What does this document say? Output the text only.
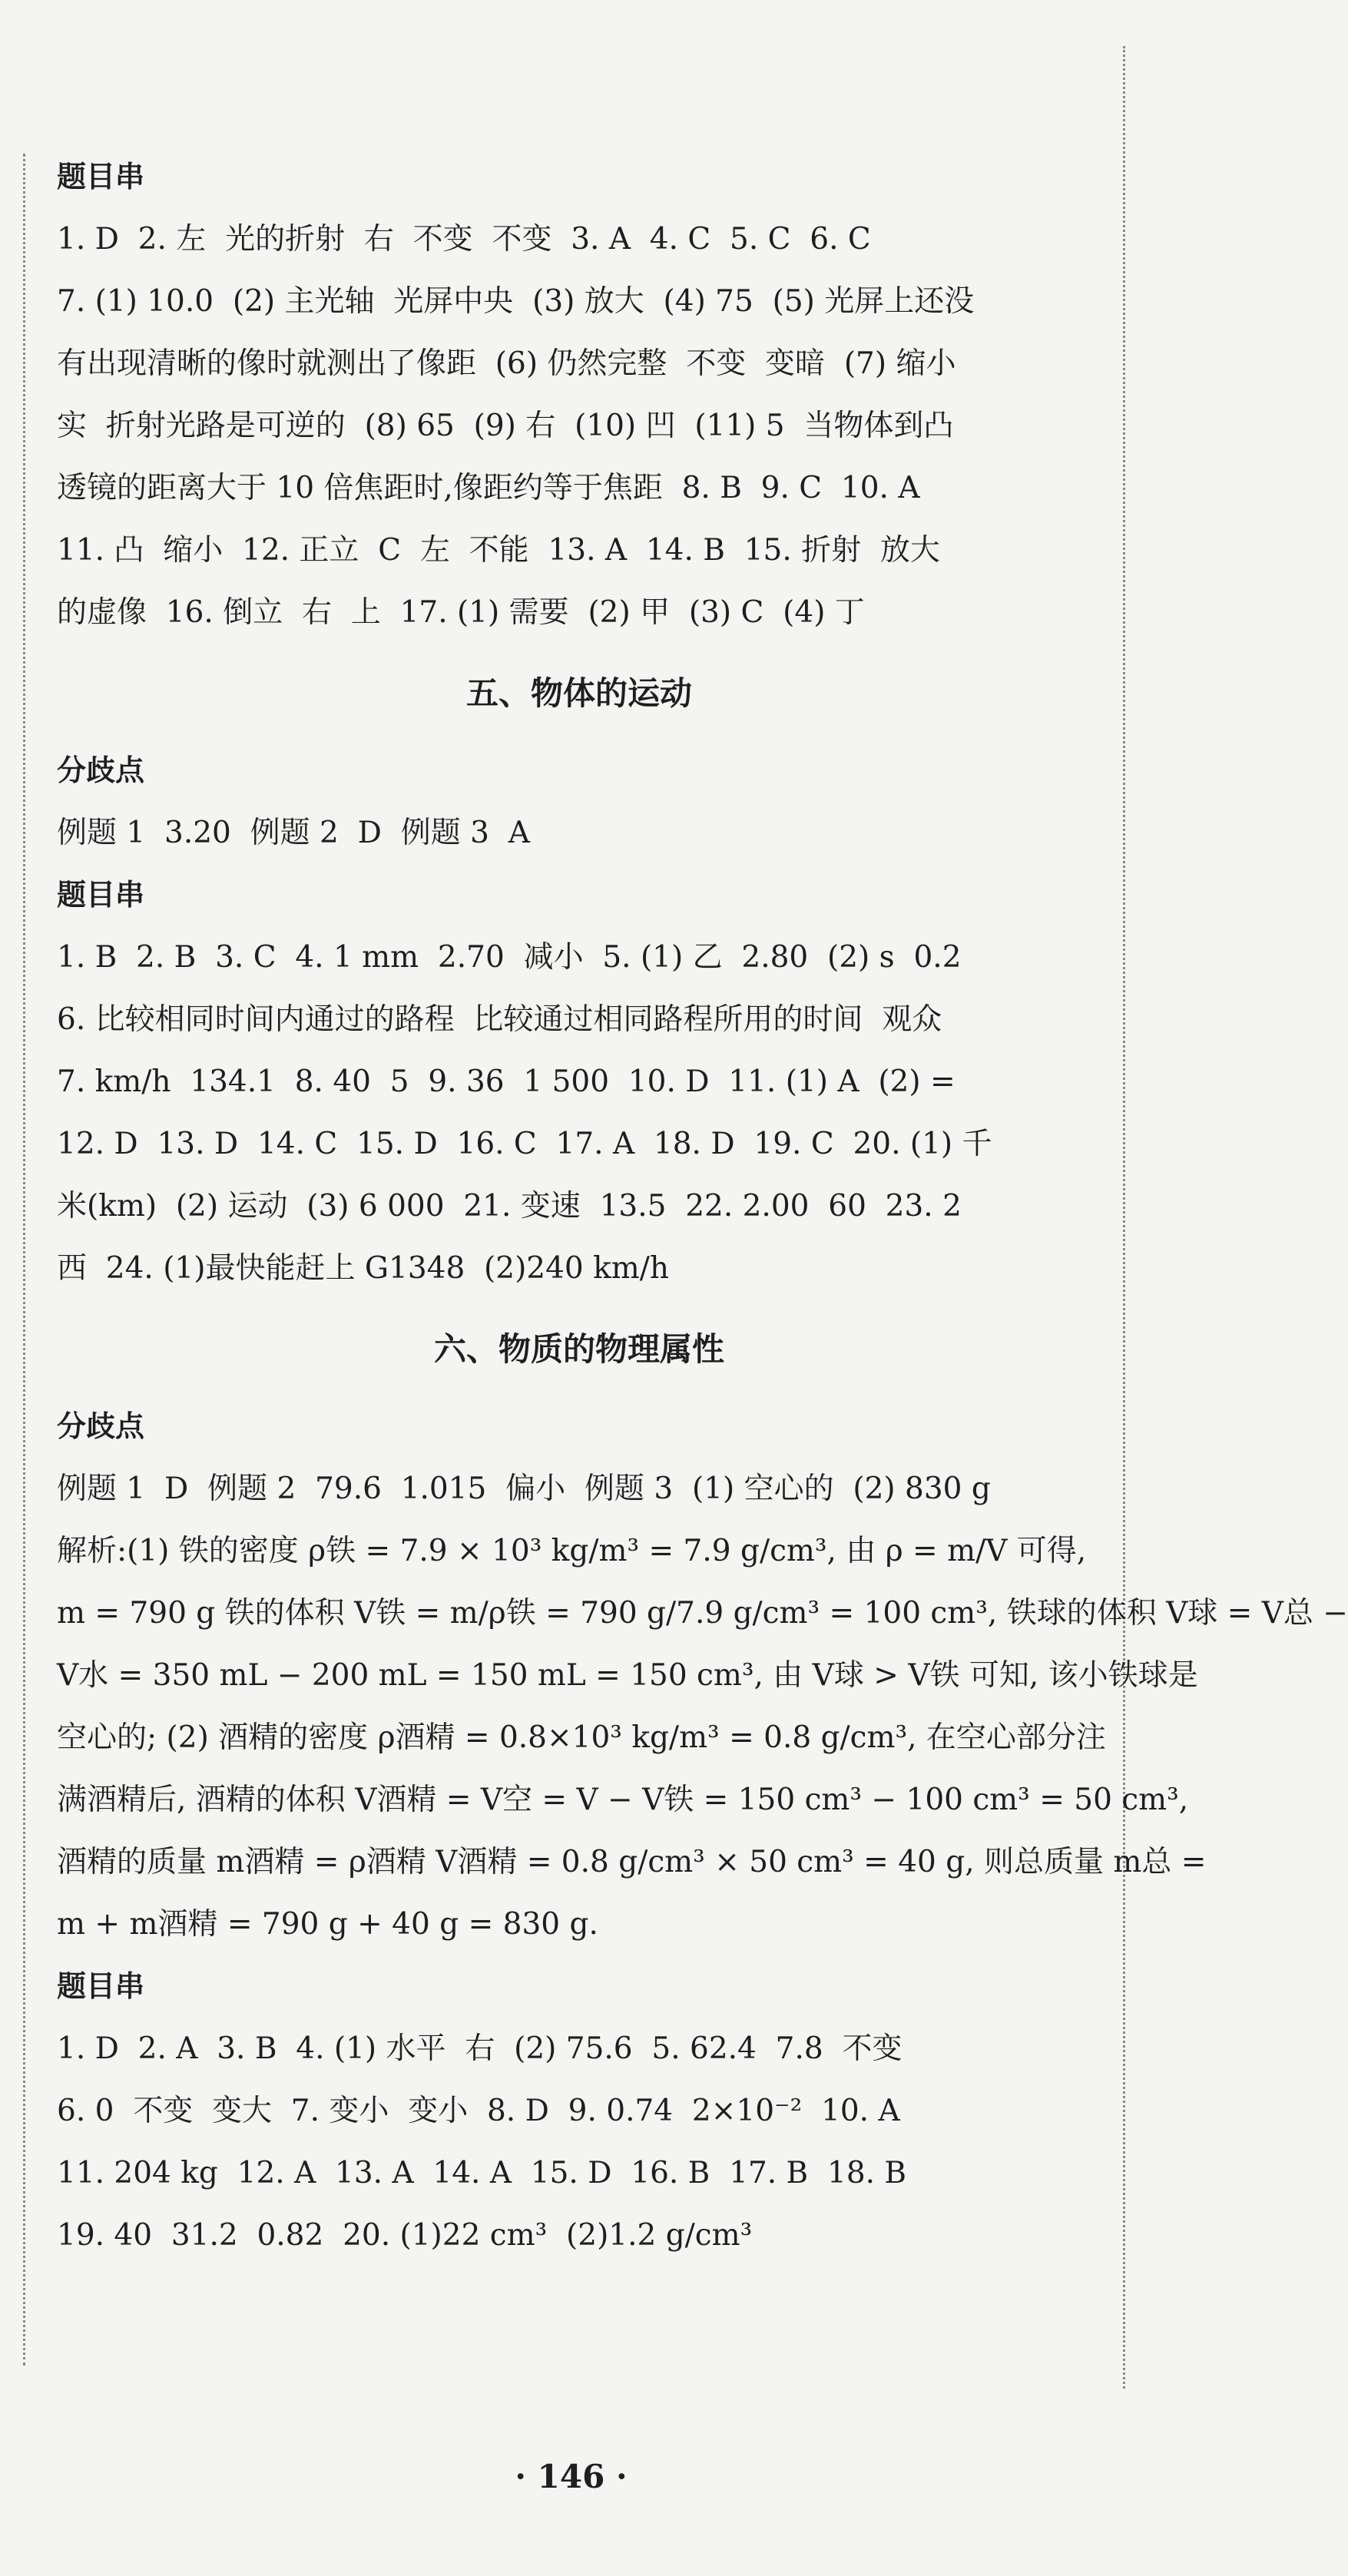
题目串
1. D  2. 左  光的折射  右  不变  不变  3. A  4. C  5. C  6. C
7. (1) 10.0  (2) 主光轴  光屏中央  (3) 放大  (4) 75  (5) 光屏上还没
有出现清晰的像时就测出了像距  (6) 仍然完整  不变  变暗  (7) 缩小
实  折射光路是可逆的  (8) 65  (9) 右  (10) 凹  (11) 5  当物体到凸
透镜的距离大于 10 倍焦距时,像距约等于焦距  8. B  9. C  10. A
11. 凸  缩小  12. 正立  C  左  不能  13. A  14. B  15. 折射  放大
的虚像  16. 倒立  右  上  17. (1) 需要  (2) 甲  (3) C  (4) 丁
五、物体的运动
分歧点
例题 1  3.20  例题 2  D  例题 3  A
题目串
1. B  2. B  3. C  4. 1 mm  2.70  减小  5. (1) 乙  2.80  (2) s  0.2
6. 比较相同时间内通过的路程  比较通过相同路程所用的时间  观众
7. km/h  134.1  8. 40  5  9. 36  1 500  10. D  11. (1) A  (2) =
12. D  13. D  14. C  15. D  16. C  17. A  18. D  19. C  20. (1) 千
米(km)  (2) 运动  (3) 6 000  21. 变速  13.5  22. 2.00  60  23. 2
西  24. (1)最快能赶上 G1348  (2)240 km/h
六、物质的物理属性
分歧点
例题 1  D  例题 2  79.6  1.015  偏小  例题 3  (1) 空心的  (2) 830 g
解析:(1) 铁的密度 ρ铁 = 7.9 × 10³ kg/m³ = 7.9 g/cm³, 由 ρ = m/V 可得,
m = 790 g 铁的体积 V铁 = m/ρ铁 = 790 g/7.9 g/cm³ = 100 cm³, 铁球的体积 V球 = V总 −
V水 = 350 mL − 200 mL = 150 mL = 150 cm³, 由 V球 > V铁 可知, 该小铁球是
空心的; (2) 酒精的密度 ρ酒精 = 0.8×10³ kg/m³ = 0.8 g/cm³, 在空心部分注
满酒精后, 酒精的体积 V酒精 = V空 = V − V铁 = 150 cm³ − 100 cm³ = 50 cm³,
酒精的质量 m酒精 = ρ酒精 V酒精 = 0.8 g/cm³ × 50 cm³ = 40 g, 则总质量 m总 =
m + m酒精 = 790 g + 40 g = 830 g.
题目串
1. D  2. A  3. B  4. (1) 水平  右  (2) 75.6  5. 62.4  7.8  不变
6. 0  不变  变大  7. 变小  变小  8. D  9. 0.74  2×10⁻²  10. A
11. 204 kg  12. A  13. A  14. A  15. D  16. B  17. B  18. B
19. 40  31.2  0.82  20. (1)22 cm³  (2)1.2 g/cm³
· 146 ·
